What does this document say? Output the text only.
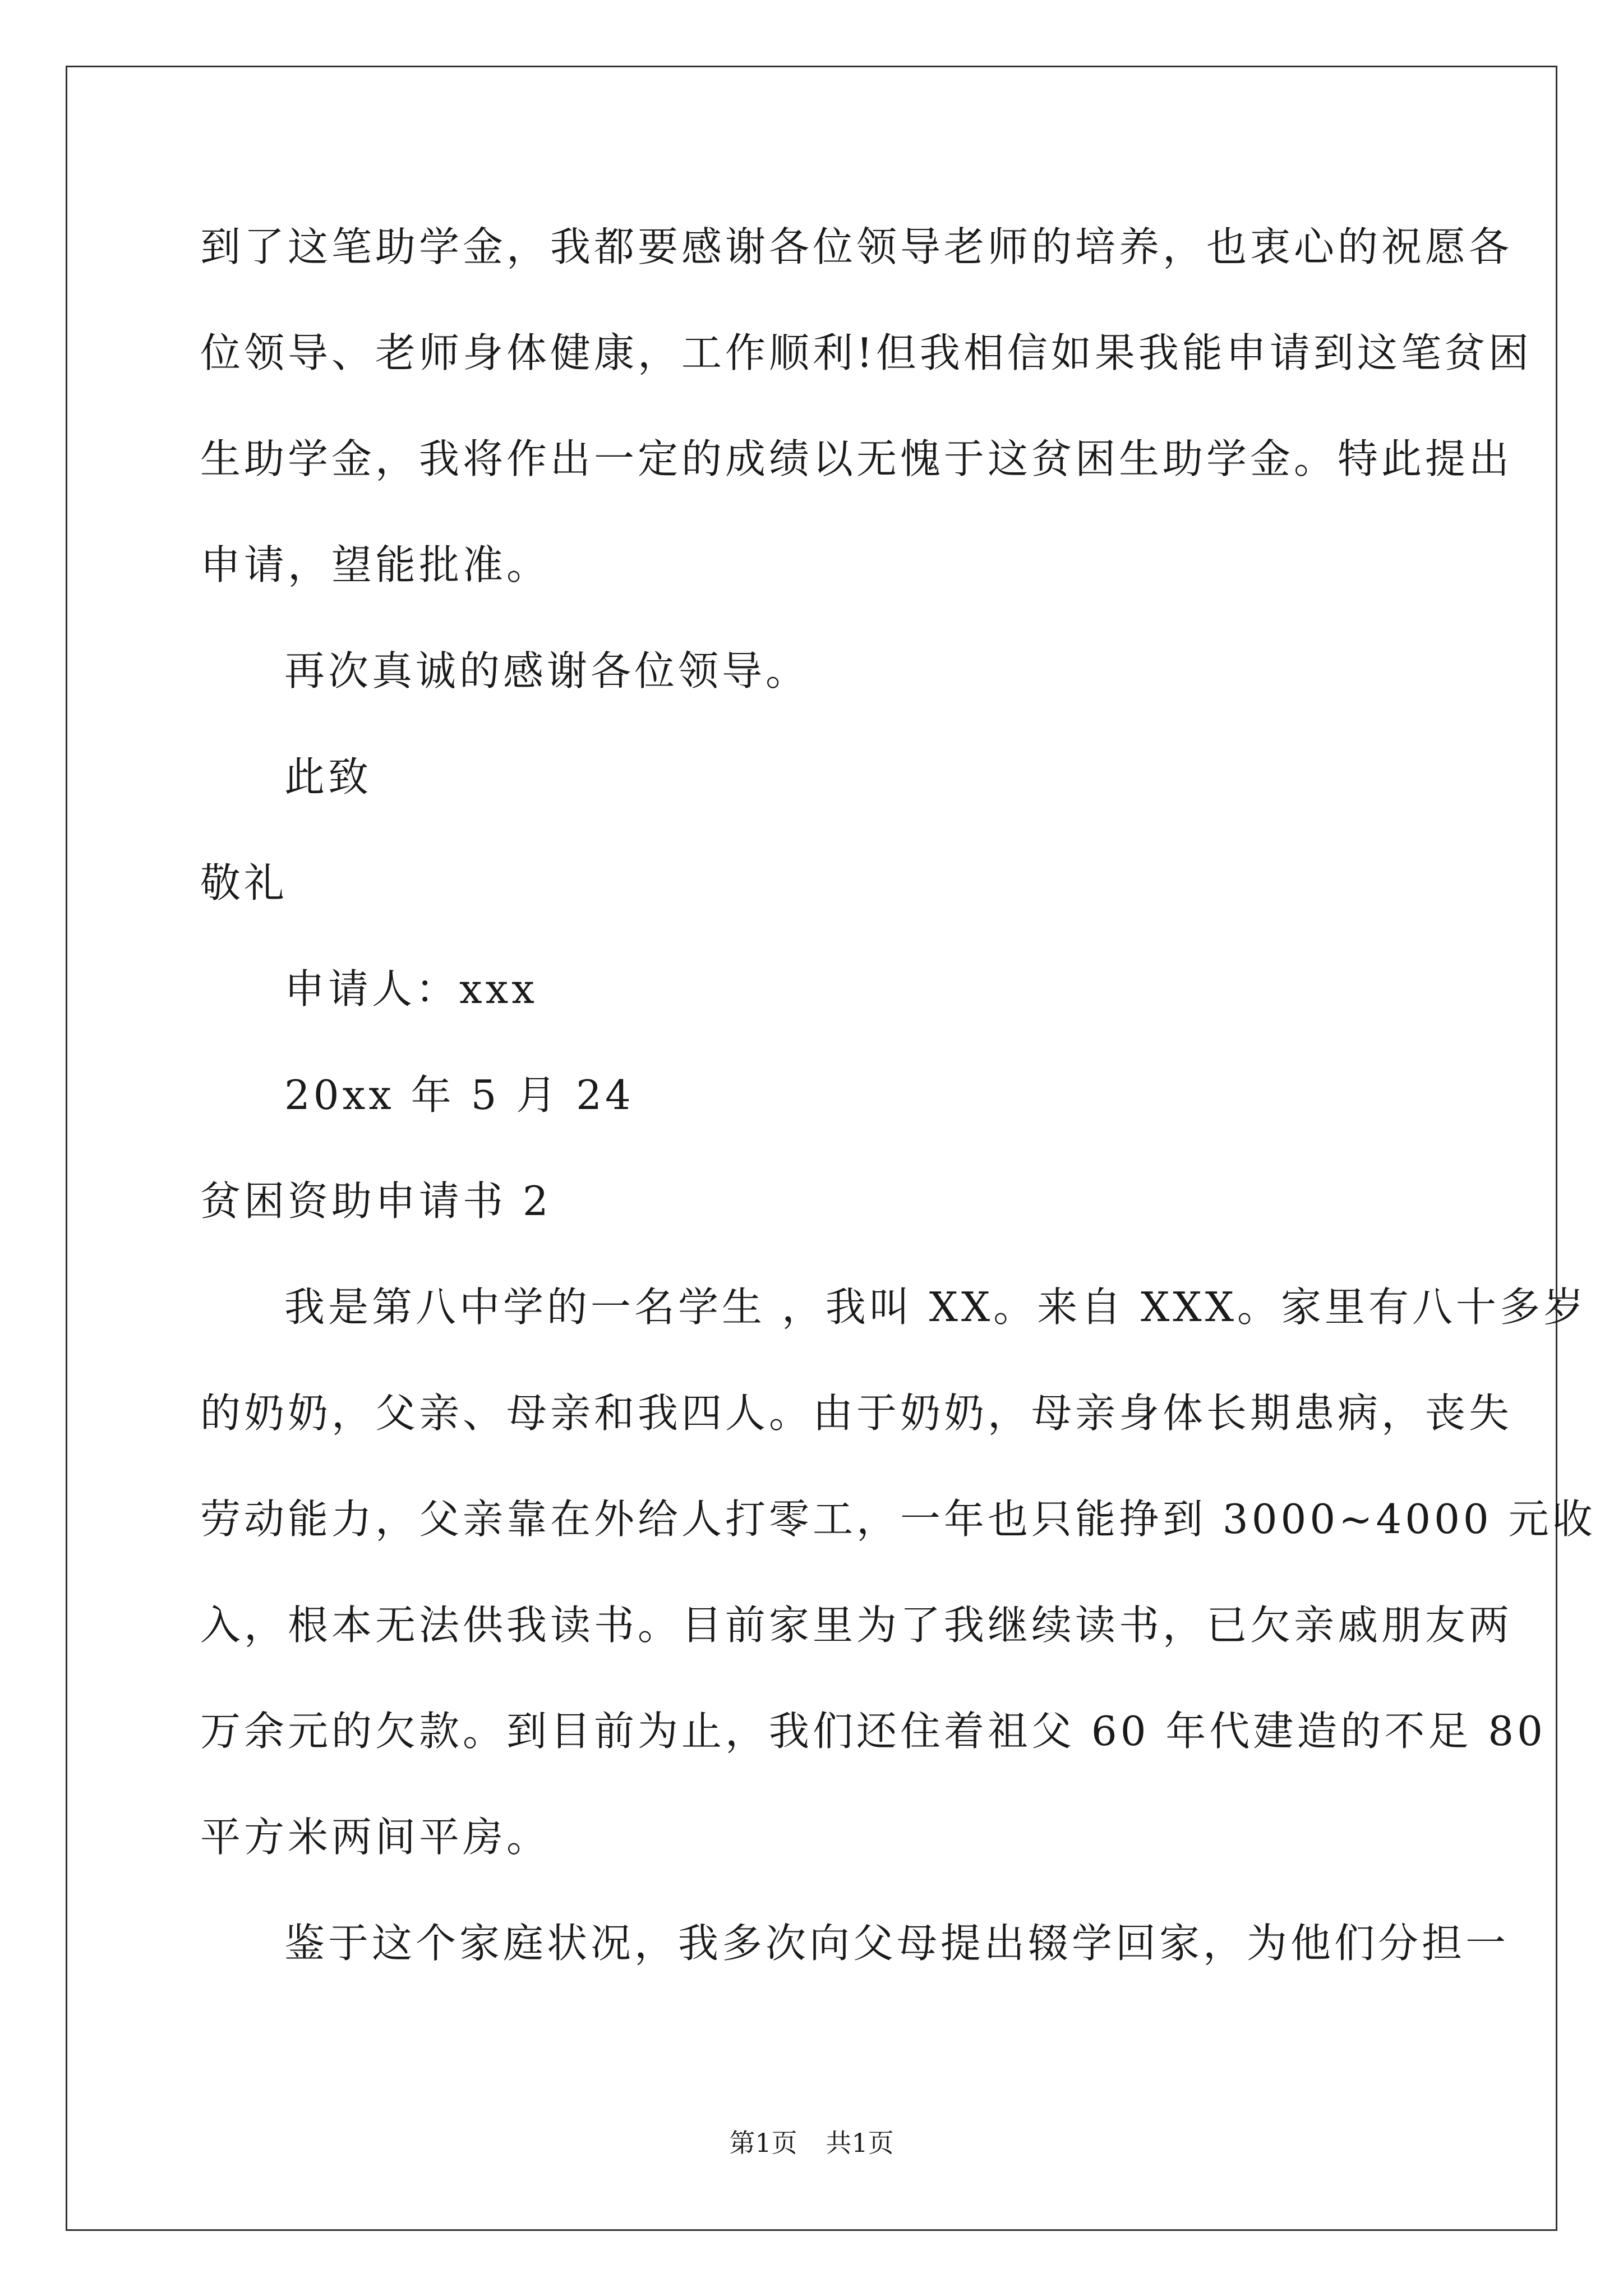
到了这笔助学金，我都要感谢各位领导老师的培养，也衷心的祝愿各
位领导、老师身体健康，工作顺利!但我相信如果我能申请到这笔贫困
生助学金，我将作出一定的成绩以无愧于这贫困生助学金。特此提出
申请，望能批准。
再次真诚的感谢各位领导。
此致
敬礼
申请人：xxx
20xx 年 5 月 24
贫困资助申请书 2
我是第八中学的一名学生 ，我叫 XX。来自 XXX。家里有八十多岁
的奶奶，父亲、母亲和我四人。由于奶奶，母亲身体长期患病，丧失
劳动能力，父亲靠在外给人打零工，一年也只能挣到 3000~4000 元收
入，根本无法供我读书。目前家里为了我继续读书，已欠亲戚朋友两
万余元的欠款。到目前为止，我们还住着祖父 60 年代建造的不足 80
平方米两间平房。
鉴于这个家庭状况，我多次向父母提出辍学回家，为他们分担一
第1页 共1页
